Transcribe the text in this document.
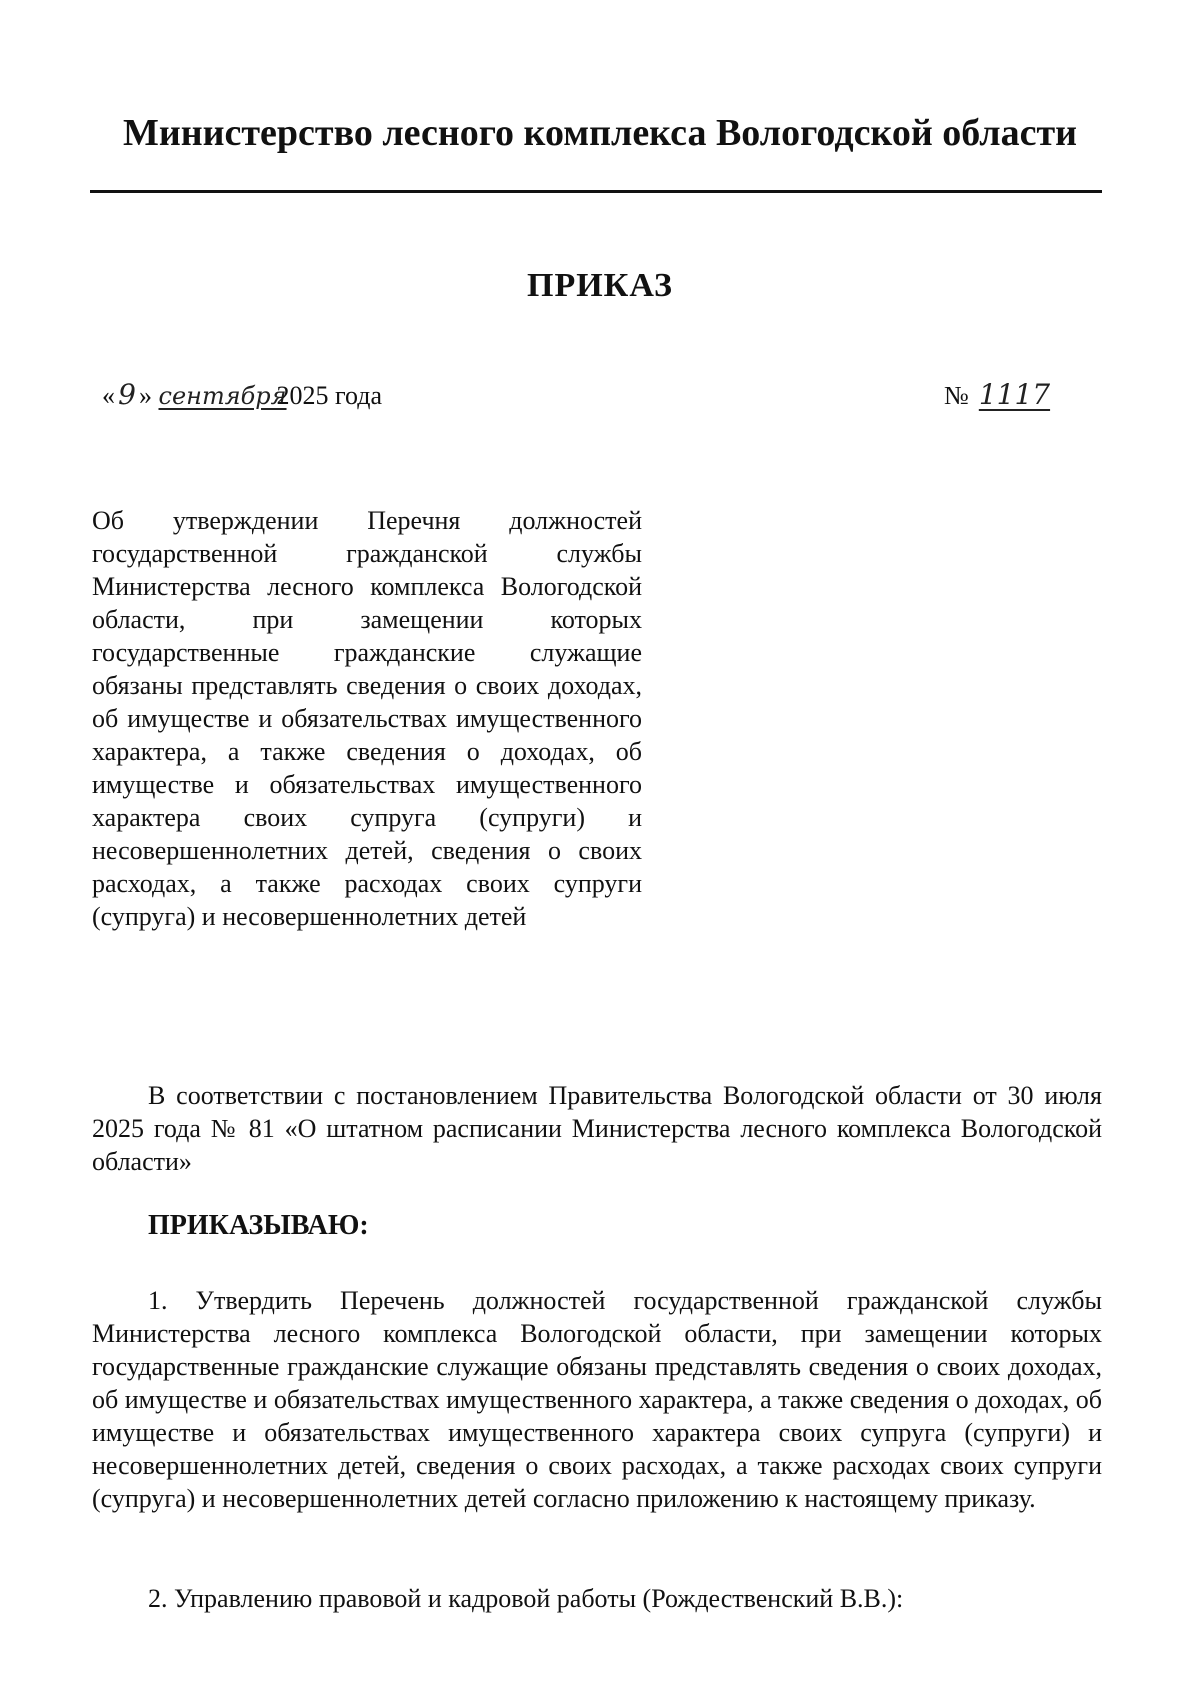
Министерство лесного комплекса Вологодской области
ПРИКАЗ
« 9 » сентября2025 года	№ 1117
Об утверждении Перечня должностей государственной гражданской службы Министерства лесного комплекса Вологодской области, при замещении которых государственные гражданские служащие обязаны представлять сведения о своих доходах, об имуществе и обязательствах имущественного характера, а также сведения о доходах, об имуществе и обязательствах имущественного характера своих супруга (супруги) и несовершеннолетних детей, сведения о своих расходах, а также расходах своих супруги (супруга) и несовершеннолетних детей
В соответствии с постановлением Правительства Вологодской области от 30 июля 2025 года № 81 «О штатном расписании Министерства лесного комплекса Вологодской области»
ПРИКАЗЫВАЮ:
1. Утвердить Перечень должностей государственной гражданской службы Министерства лесного комплекса Вологодской области, при замещении которых государственные гражданские служащие обязаны представлять сведения о своих доходах, об имуществе и обязательствах имущественного характера, а также сведения о доходах, об имуществе и обязательствах имущественного характера своих супруга (супруги) и несовершеннолетних детей, сведения о своих расходах, а также расходах своих супруги (супруга) и несовершеннолетних детей согласно приложению к настоящему приказу.
2. Управлению правовой и кадровой работы (Рождественский В.В.):
